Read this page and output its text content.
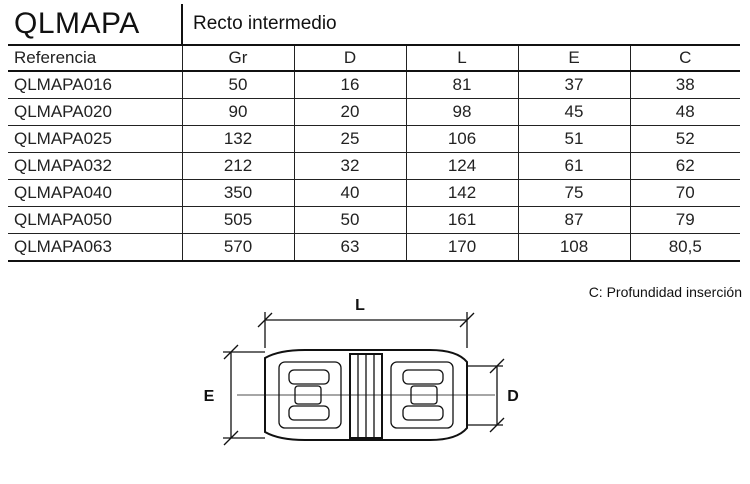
QLMAPA	Recto intermedio				
Referencia	Gr	D	L	E	C
QLMAPA016	50	16	81	37	38
QLMAPA020	90	20	98	45	48
QLMAPA025	132	25	106	51	52
QLMAPA032	212	32	124	61	62
QLMAPA040	350	40	142	75	70
QLMAPA050	505	50	161	87	79
QLMAPA063	570	63	170	108	80,5
C: Profundidad inserción
L
E	D
